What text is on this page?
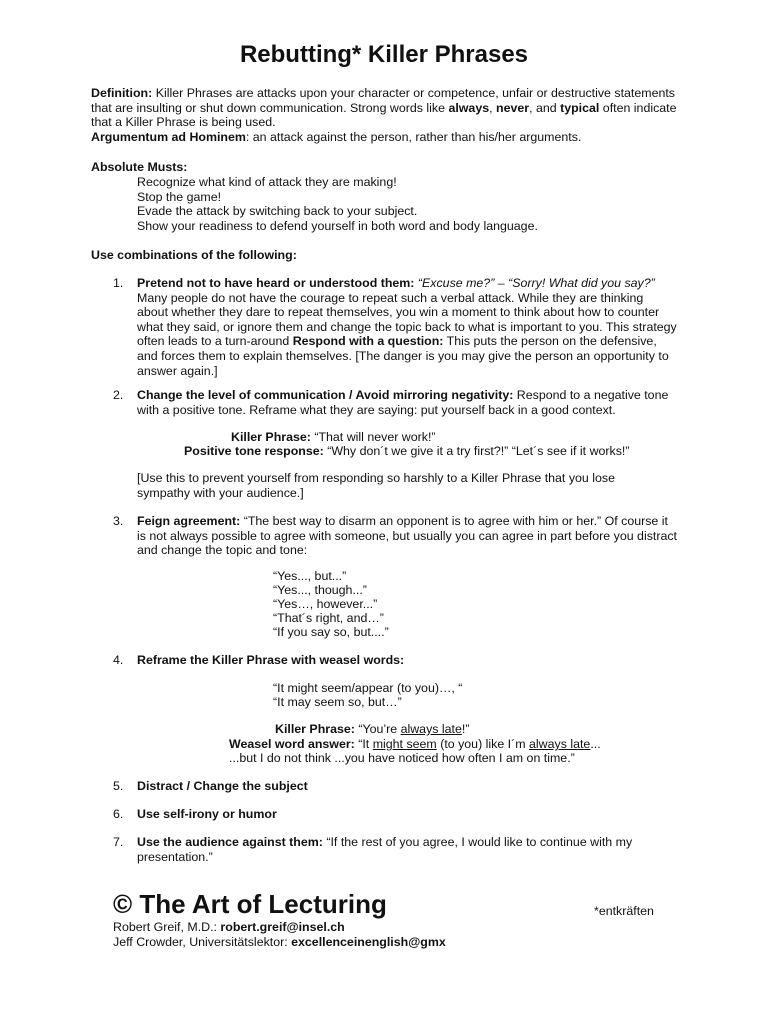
Rebutting* Killer Phrases
Definition: Killer Phrases are attacks upon your character or competence, unfair or destructive statements that are insulting or shut down communication. Strong words like always, never, and typical often indicate that a Killer Phrase is being used.
Argumentum ad Hominem: an attack against the person, rather than his/her arguments.
Absolute Musts:
Recognize what kind of attack they are making!
Stop the game!
Evade the attack by switching back to your subject.
Show your readiness to defend yourself in both word and body language.
Use combinations of the following:
1.	Pretend not to have heard or understood them: “Excuse me?” – “Sorry! What did you say?” Many people do not have the courage to repeat such a verbal attack. While they are thinking about whether they dare to repeat themselves, you win a moment to think about how to counter what they said, or ignore them and change the topic back to what is important to you. This strategy often leads to a turn-around Respond with a question: This puts the person on the defensive, and forces them to explain themselves. [The danger is you may give the person an opportunity to answer again.]
2.	Change the level of communication / Avoid mirroring negativity: Respond to a negative tone with a positive tone. Reframe what they are saying: put yourself back in a good context.
Killer Phrase: “That will never work!”
Positive tone response: “Why don´t we give it a try first?!” “Let´s see if it works!”
[Use this to prevent yourself from responding so harshly to a Killer Phrase that you lose sympathy with your audience.]
3.	Feign agreement: “The best way to disarm an opponent is to agree with him or her.” Of course it is not always possible to agree with someone, but usually you can agree in part before you distract and change the topic and tone:
“Yes..., but...”
“Yes..., though...”
“Yes…, however...”
“That´s right, and…”
“If you say so, but....”
4.	Reframe the Killer Phrase with weasel words:
“It might seem/appear (to you)…, “
“It may seem so, but…”
Killer Phrase: “You’re always late!”
Weasel word answer: “It might seem (to you) like I´m always late...
...but I do not think ...you have noticed how often I am on time.”
5.	Distract / Change the subject
6.	Use self-irony or humor
7.	Use the audience against them: “If the rest of you agree, I would like to continue with my presentation.”
© The Art of Lecturing	*entkräften
Robert Greif, M.D.: robert.greif@insel.ch
Jeff Crowder, Universitätslektor: excellenceinenglish@gmx
